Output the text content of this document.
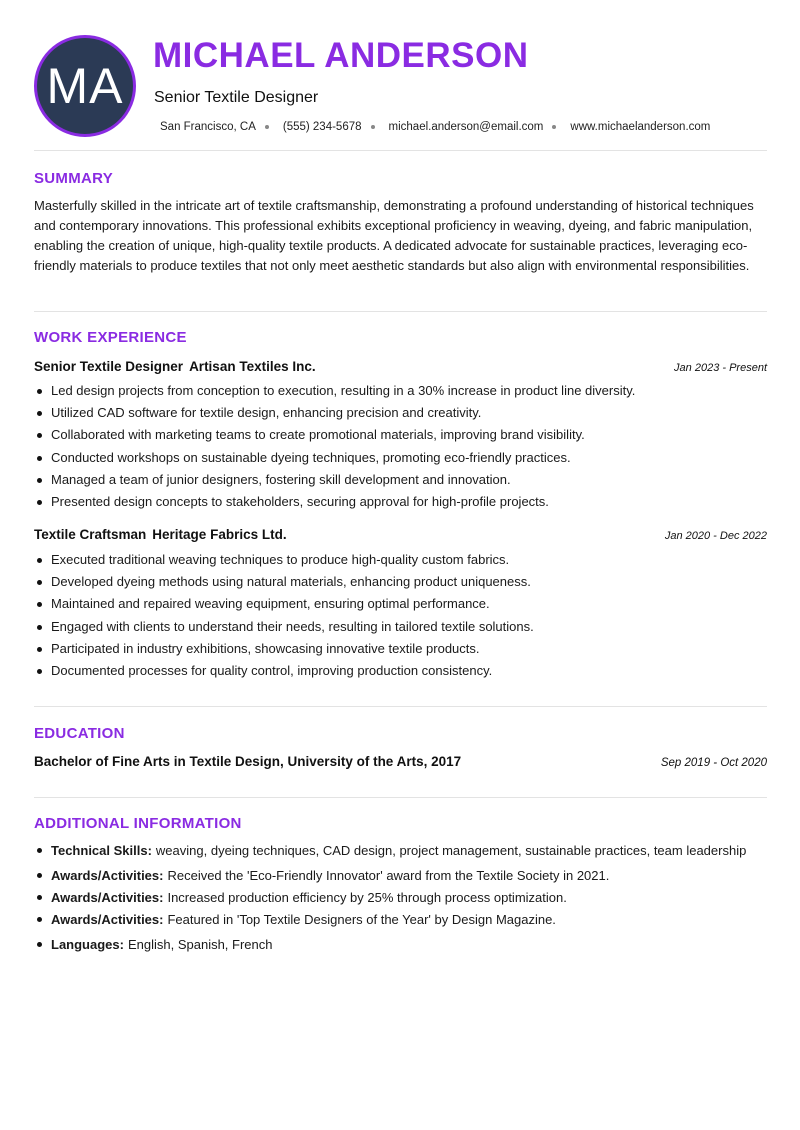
MA
MICHAEL ANDERSON
Senior Textile Designer
San Francisco, CA (555) 234-5678 michael.anderson@email.com www.michaelanderson.com
SUMMARY

Masterfully skilled in the intricate art of textile craftsmanship, demonstrating a profound understanding of historical techniques and contemporary innovations. This professional exhibits exceptional proficiency in weaving, dyeing, and fabric manipulation, enabling the creation of unique, high-quality textile products. A dedicated advocate for sustainable practices, leveraging eco-friendly materials to produce textiles that not only meet aesthetic standards but also align with environmental responsibilities.

WORK EXPERIENCE
Senior Textile Designer Artisan Textiles Inc.	Jan 2023 - Present
Led design projects from conception to execution, resulting in a 30% increase in product line diversity.
Utilized CAD software for textile design, enhancing precision and creativity.
Collaborated with marketing teams to create promotional materials, improving brand visibility.
Conducted workshops on sustainable dyeing techniques, promoting eco-friendly practices.
Managed a team of junior designers, fostering skill development and innovation.
Presented design concepts to stakeholders, securing approval for high-profile projects.
Textile Craftsman Heritage Fabrics Ltd.	Jan 2020 - Dec 2022
Executed traditional weaving techniques to produce high-quality custom fabrics.
Developed dyeing methods using natural materials, enhancing product uniqueness.
Maintained and repaired weaving equipment, ensuring optimal performance.
Engaged with clients to understand their needs, resulting in tailored textile solutions.
Participated in industry exhibitions, showcasing innovative textile products.
Documented processes for quality control, improving production consistency.
EDUCATION
Bachelor of Fine Arts in Textile Design, University of the Arts, 2017	Sep 2019 - Oct 2020
ADDITIONAL INFORMATION
Technical Skills: weaving, dyeing techniques, CAD design, project management, sustainable practices, team leadership
Awards/Activities: Received the 'Eco-Friendly Innovator' award from the Textile Society in 2021.
Awards/Activities: Increased production efficiency by 25% through process optimization.
Awards/Activities: Featured in 'Top Textile Designers of the Year' by Design Magazine.
Languages: English, Spanish, French
